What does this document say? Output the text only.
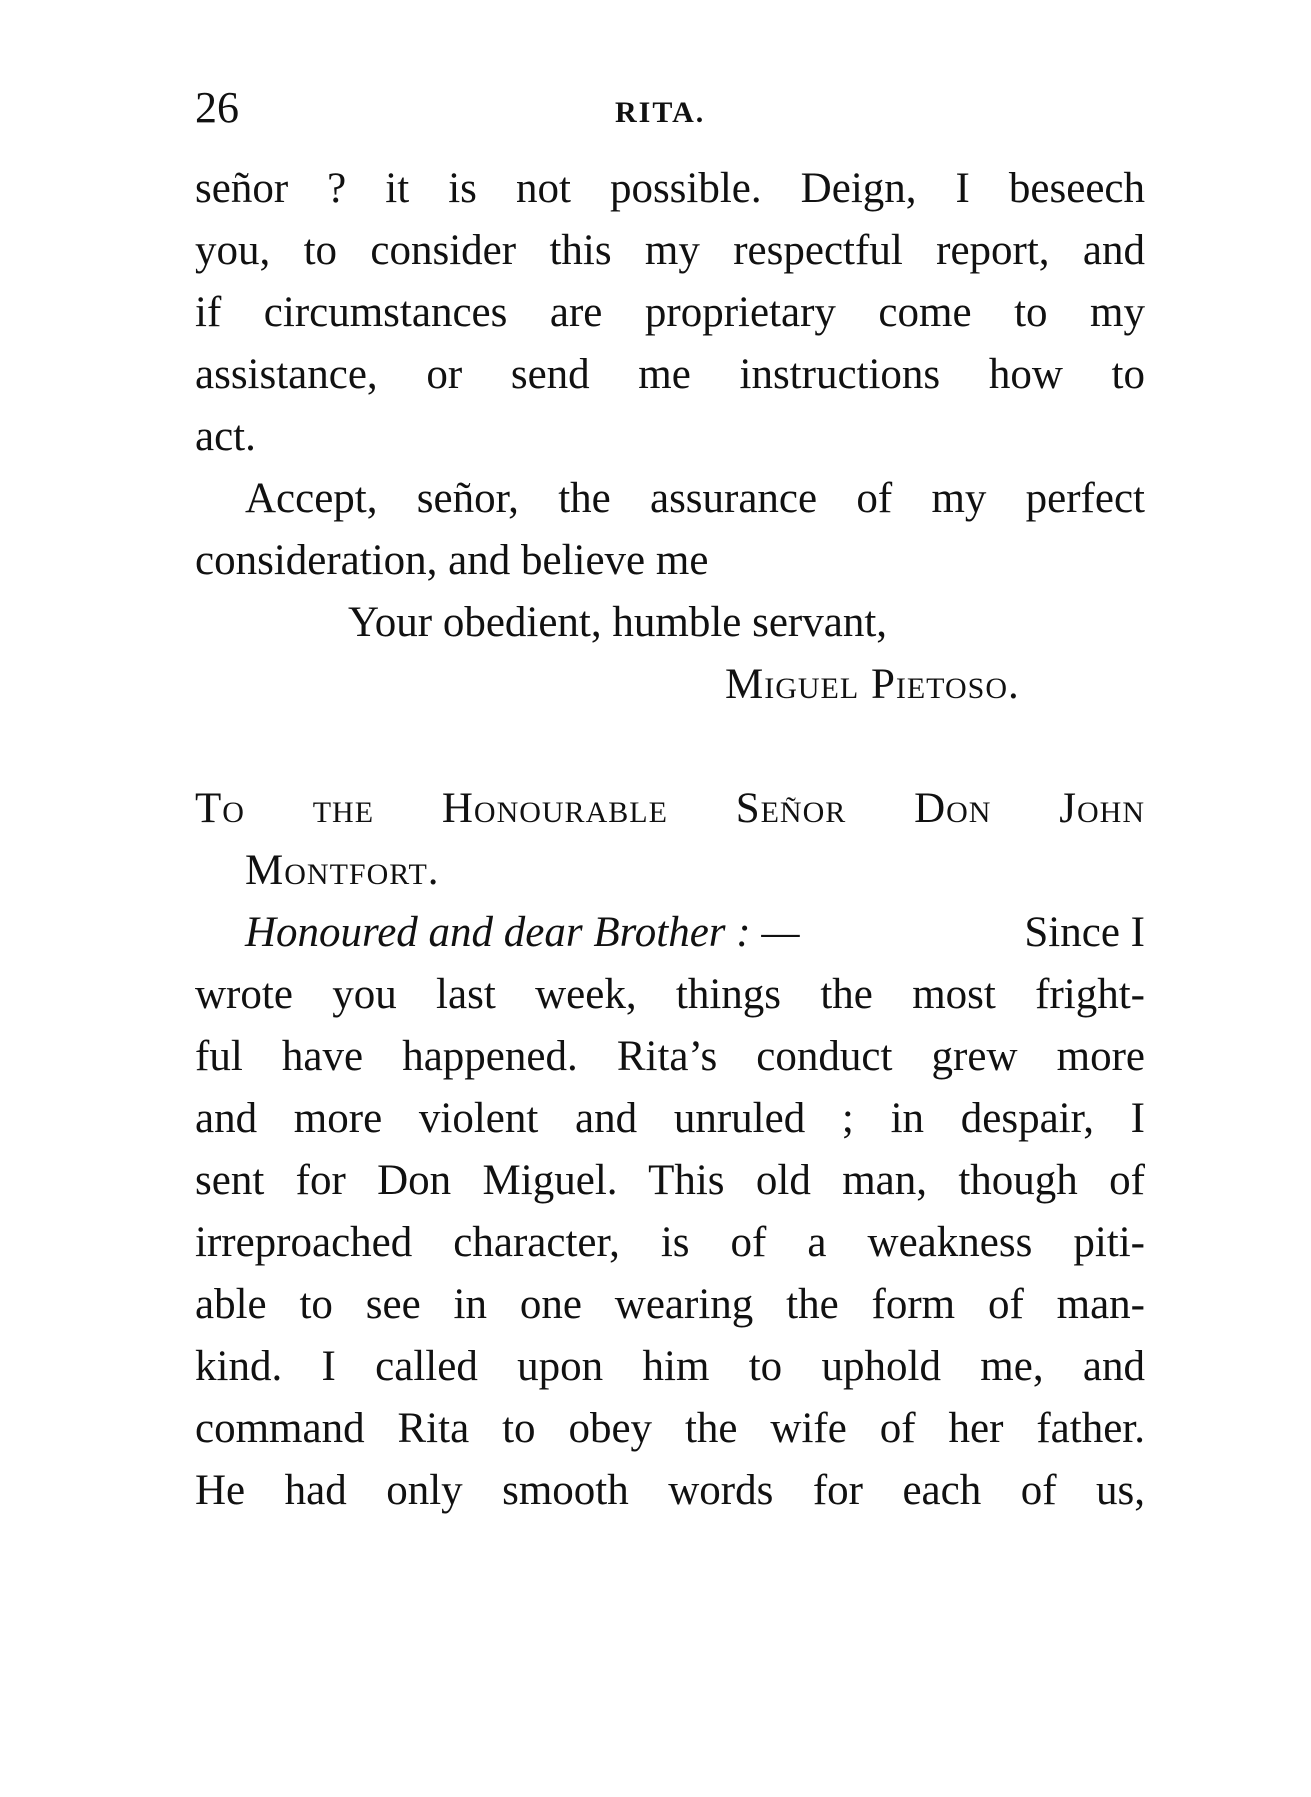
26	RITA.
señor ? it is not possible. Deign, I beseech
you, to consider this my respectful report, and
if circumstances are proprietary come to my
assistance, or send me instructions how to
act.
Accept, señor, the assurance of my perfect
consideration, and believe me
Your obedient, humble servant,
Miguel Pietoso.
To the Honourable Señor Don John
Montfort.
Honoured and dear Brother : —	Since I
wrote you last week, things the most fright-
ful have happened. Rita’s conduct grew more
and more violent and unruled ; in despair, I
sent for Don Miguel. This old man, though of
irreproached character, is of a weakness piti-
able to see in one wearing the form of man-
kind. I called upon him to uphold me, and
command Rita to obey the wife of her father.
He had only smooth words for each of us,
